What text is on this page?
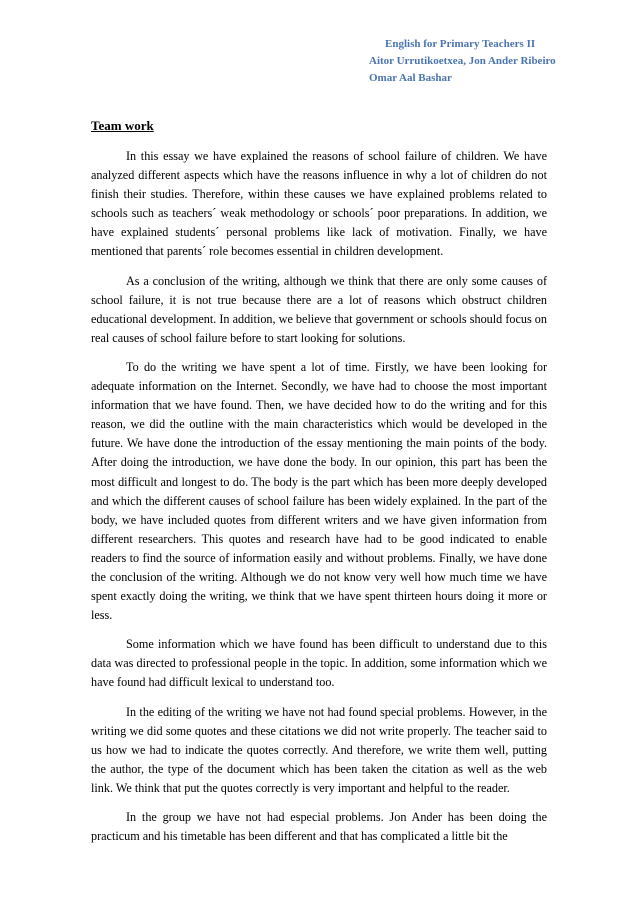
English for Primary Teachers II
Aitor Urrutikoetxea, Jon Ander Ribeiro
Omar Aal Bashar
Team work

In this essay we have explained the reasons of school failure of children. We have analyzed different aspects which have the reasons influence in why a lot of children do not finish their studies. Therefore, within these causes we have explained problems related to schools such as teachers´ weak methodology or schools´ poor preparations. In addition, we have explained students´ personal problems like lack of motivation. Finally, we have mentioned that parents´ role becomes essential in children development.

As a conclusion of the writing, although we think that there are only some causes of school failure, it is not true because there are a lot of reasons which obstruct children educational development. In addition, we believe that government or schools should focus on real causes of school failure before to start looking for solutions.

To do the writing we have spent a lot of time. Firstly, we have been looking for adequate information on the Internet. Secondly, we have had to choose the most important information that we have found. Then, we have decided how to do the writing and for this reason, we did the outline with the main characteristics which would be developed in the future. We have done the introduction of the essay mentioning the main points of the body. After doing the introduction, we have done the body. In our opinion, this part has been the most difficult and longest to do. The body is the part which has been more deeply developed and which the different causes of school failure has been widely explained. In the part of the body, we have included quotes from different writers and we have given information from different researchers. This quotes and research have had to be good indicated to enable readers to find the source of information easily and without problems. Finally, we have done the conclusion of the writing. Although we do not know very well how much time we have spent exactly doing the writing, we think that we have spent thirteen hours doing it more or less.

Some information which we have found has been difficult to understand due to this data was directed to professional people in the topic. In addition, some information which we have found had difficult lexical to understand too.

In the editing of the writing we have not had found special problems. However, in the writing we did some quotes and these citations we did not write properly. The teacher said to us how we had to indicate the quotes correctly. And therefore, we write them well, putting the author, the type of the document which has been taken the citation as well as the web link. We think that put the quotes correctly is very important and helpful to the reader.

In the group we have not had especial problems. Jon Ander has been doing the practicum and his timetable has been different and that has complicated a little bit the
